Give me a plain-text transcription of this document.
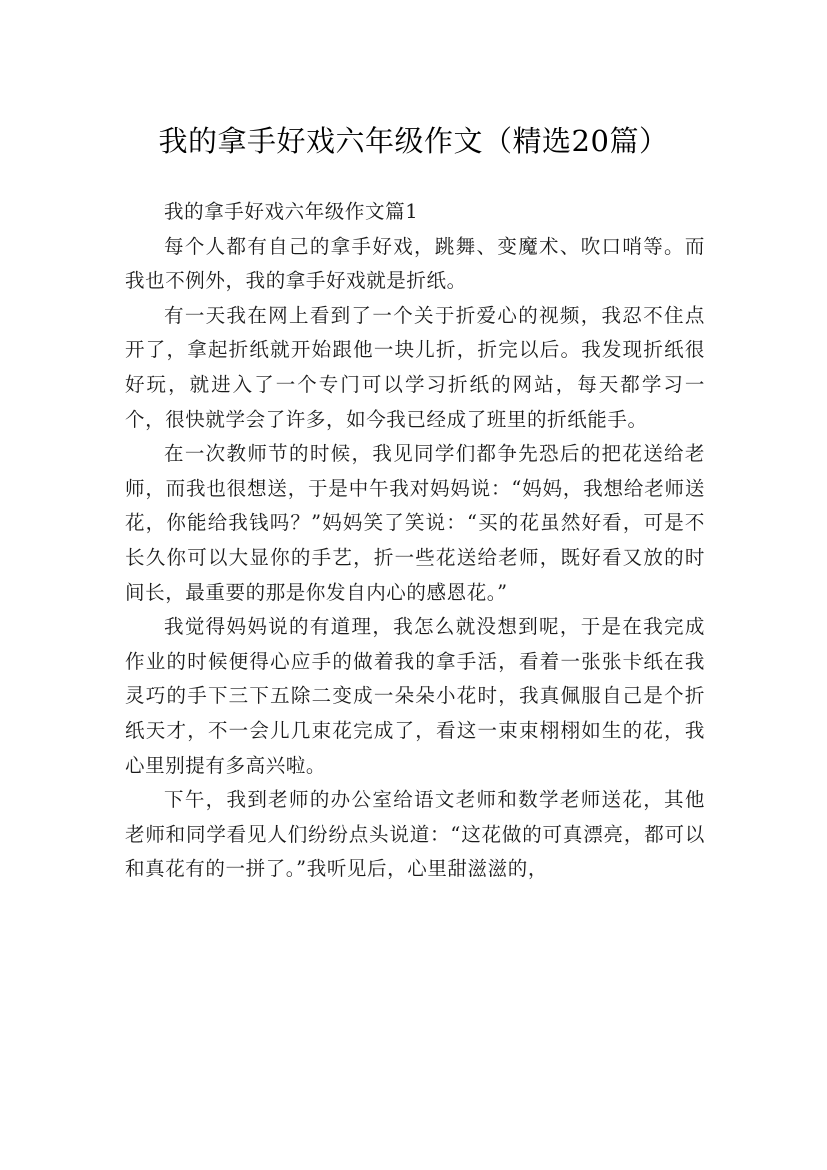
我的拿手好戏六年级作文（精选20篇）

我的拿手好戏六年级作文篇1

每个人都有自己的拿手好戏，跳舞、变魔术、吹口哨等。而我也不例外，我的拿手好戏就是折纸。

有一天我在网上看到了一个关于折爱心的视频，我忍不住点开了，拿起折纸就开始跟他一块儿折，折完以后。我发现折纸很好玩，就进入了一个专门可以学习折纸的网站，每天都学习一个，很快就学会了许多，如今我已经成了班里的折纸能手。

在一次教师节的时候，我见同学们都争先恐后的把花送给老师，而我也很想送，于是中午我对妈妈说：“妈妈，我想给老师送花，你能给我钱吗？”妈妈笑了笑说：“买的花虽然好看，可是不长久你可以大显你的手艺，折一些花送给老师，既好看又放的时间长，最重要的那是你发自内心的感恩花。”

我觉得妈妈说的有道理，我怎么就没想到呢，于是在我完成作业的时候便得心应手的做着我的拿手活，看着一张张卡纸在我灵巧的手下三下五除二变成一朵朵小花时，我真佩服自己是个折纸天才，不一会儿几束花完成了，看这一束束栩栩如生的花，我心里别提有多高兴啦。

下午，我到老师的办公室给语文老师和数学老师送花，其他老师和同学看见人们纷纷点头说道：“这花做的可真漂亮，都可以和真花有的一拼了。”我听见后，心里甜滋滋的，
